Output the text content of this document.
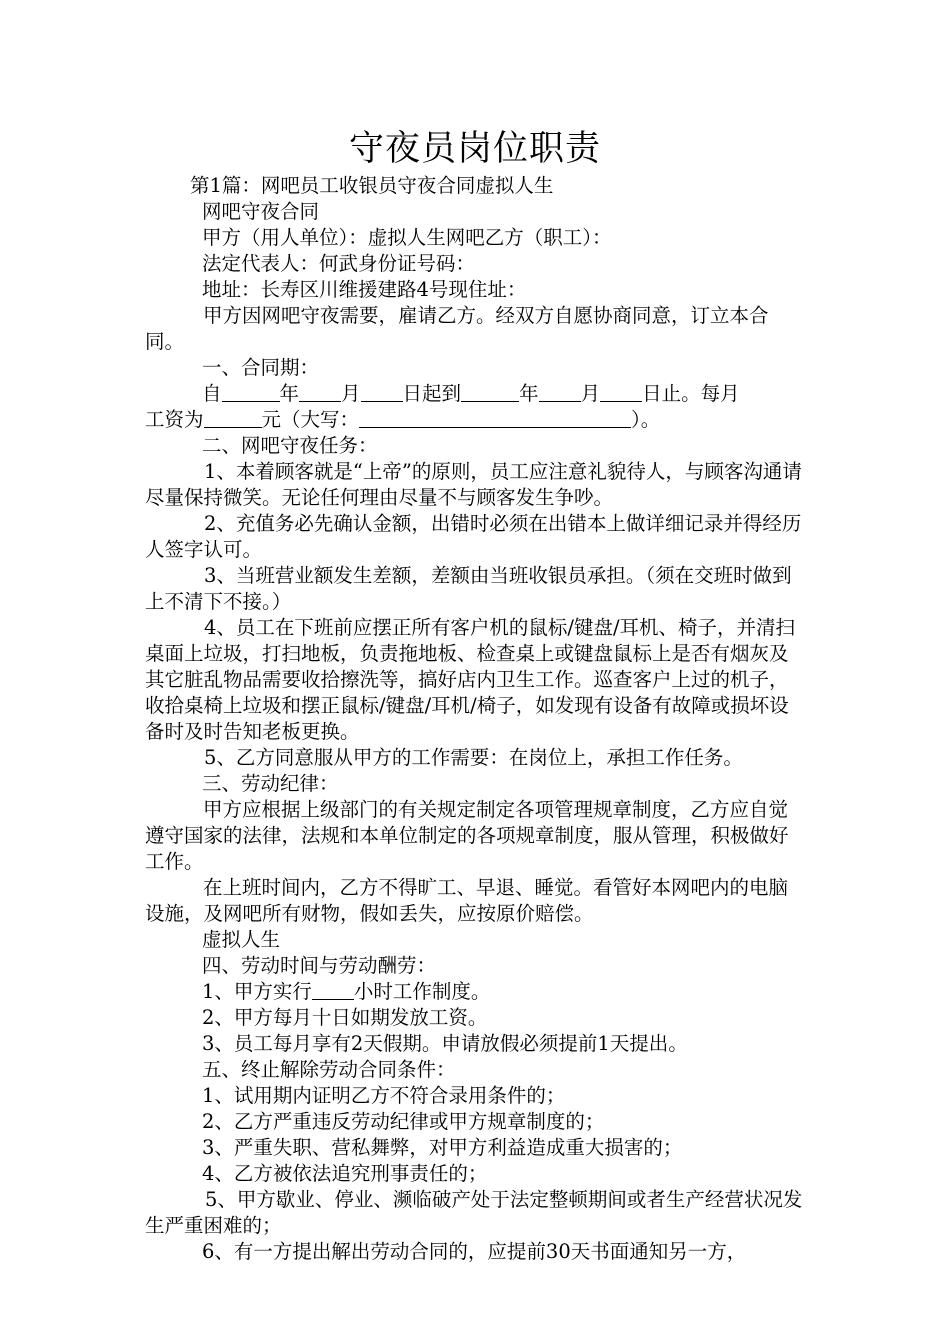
守夜员岗位职责
第1篇：网吧员工收银员守夜合同虚拟人生
网吧守夜合同
甲方（用人单位）：虚拟人生网吧乙方（职工）：
法定代表人：何武身份证号码：
地址：长寿区川维援建路4号现住址：
甲方因网吧守夜需要，雇请乙方。经双方自愿协商同意，订立本合同。
一、合同期：
自	年 月 日起到	年 月 日止。每月
工资为	元（大写：	）。
二、网吧守夜任务：
1、本着顾客就是“上帝”的原则，员工应注意礼貌待人，与顾客沟通请尽量保持微笑。无论任何理由尽量不与顾客发生争吵。
2、充值务必先确认金额，出错时必须在出错本上做详细记录并得经历人签字认可。
3、当班营业额发生差额，差额由当班收银员承担。（须在交班时做到上不清下不接。）
4、员工在下班前应摆正所有客户机的鼠标/键盘/耳机、椅子，并清扫桌面上垃圾，打扫地板，负责拖地板、检查桌上或键盘鼠标上是否有烟灰及其它脏乱物品需要收拾擦洗等，搞好店内卫生工作。巡查客户上过的机子，收拾桌椅上垃圾和摆正鼠标/键盘/耳机/椅子，如发现有设备有故障或损坏设备时及时告知老板更换。
5、乙方同意服从甲方的工作需要：在岗位上，承担工作任务。
三、劳动纪律：
甲方应根据上级部门的有关规定制定各项管理规章制度，乙方应自觉遵守国家的法律，法规和本单位制定的各项规章制度，服从管理，积极做好工作。
在上班时间内，乙方不得旷工、早退、睡觉。看管好本网吧内的电脑设施，及网吧所有财物，假如丢失，应按原价赔偿。
虚拟人生
四、劳动时间与劳动酬劳：
1、甲方实行 小时工作制度。
2、甲方每月十日如期发放工资。
3、员工每月享有2天假期。申请放假必须提前1天提出。
五、终止解除劳动合同条件：
1、试用期内证明乙方不符合录用条件的；
2、乙方严重违反劳动纪律或甲方规章制度的；
3、严重失职、营私舞弊，对甲方利益造成重大损害的；
4、乙方被依法追究刑事责任的；
5、甲方歇业、停业、濒临破产处于法定整顿期间或者生产经营状况发生严重困难的；
6、有一方提出解出劳动合同的，应提前30天书面通知另一方，
